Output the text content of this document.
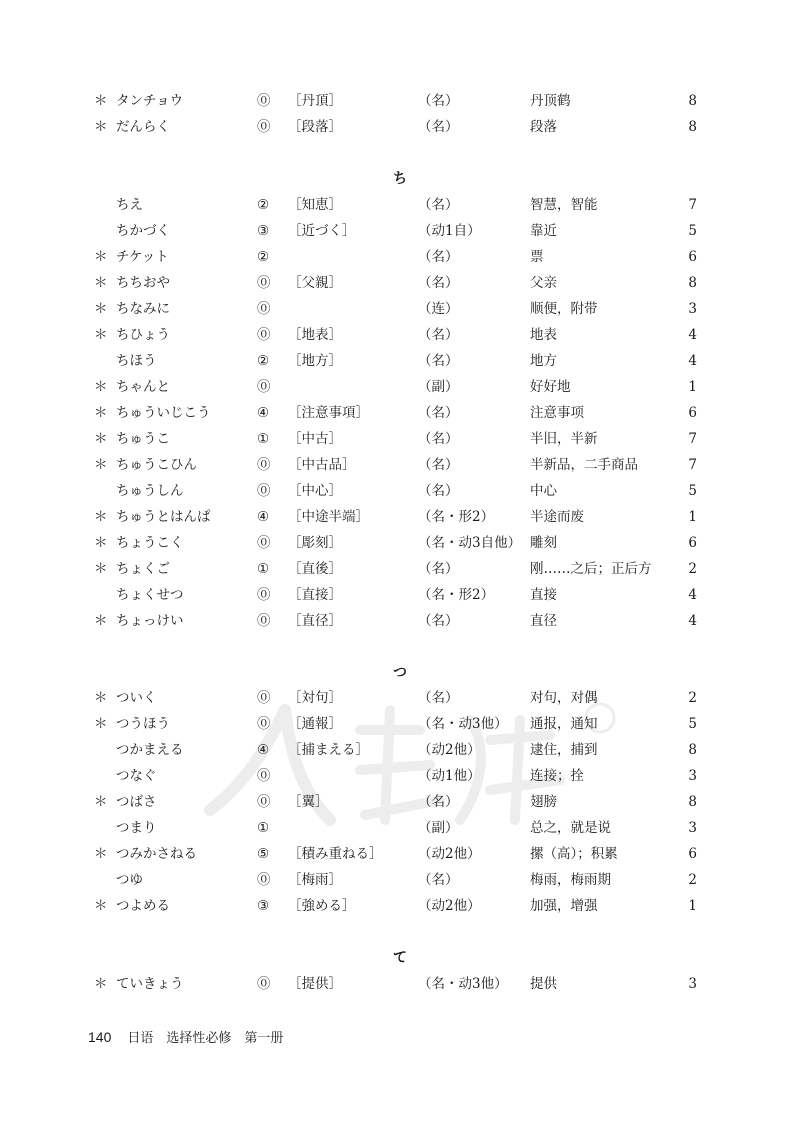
＊ タンチョウ	⓪ ［丹頂］	（名）	丹顶鹤	8
＊ だんらく	⓪ ［段落］	（名）	段落	8
ち
ちえ	② ［知恵］	（名）	智慧，智能	7
ちかづく	③ ［近づく］	（动1自）	靠近	5
＊ チケット	②	（名）	票	6
＊ ちちおや	⓪ ［父親］	（名）	父亲	8
＊ ちなみに	⓪	（连）	顺便，附带	3
＊ ちひょう	⓪ ［地表］	（名）	地表	4
ちほう	② ［地方］	（名）	地方	4
＊ ちゃんと	⓪	（副）	好好地	1
＊ ちゅういじこう	④ ［注意事項］	（名）	注意事项	6
＊ ちゅうこ	① ［中古］	（名）	半旧，半新	7
＊ ちゅうこひん	⓪ ［中古品］	（名）	半新品，二手商品	7
ちゅうしん	⓪ ［中心］	（名）	中心	5
＊ ちゅうとはんぱ	④ ［中途半端］	（名・形2）	半途而废	1
＊ ちょうこく	⓪ ［彫刻］	（名・动3自他） 雕刻	6
＊ ちょくご	① ［直後］	（名）	刚……之后；正后方	2
ちょくせつ	⓪ ［直接］	（名・形2）	直接	4
＊ ちょっけい	⓪ ［直径］	（名）	直径	4
つ
＊ ついく	⓪ ［対句］	（名）	对句，对偶	2
＊ つうほう	⓪ ［通報］	（名・动3他） 通报，通知	5
つかまえる	④ ［捕まえる］	（动2他）	逮住，捕到	8
つなぐ	⓪	（动1他）	连接；拴	3
＊ つばさ	⓪ ［翼］	（名）	翅膀	8
つまり	①	（副）	总之，就是说	3
＊ つみかさねる	⑤ ［積み重ねる］	（动2他）	摞（高）；积累	6
つゆ	⓪ ［梅雨］	（名）	梅雨，梅雨期	2
＊ つよめる	③ ［強める］	（动2他）	加强，增强	1
て
＊ ていきょう	⓪ ［提供］	（名・动3他） 提供	3
140 日语　选择性必修　第一册
